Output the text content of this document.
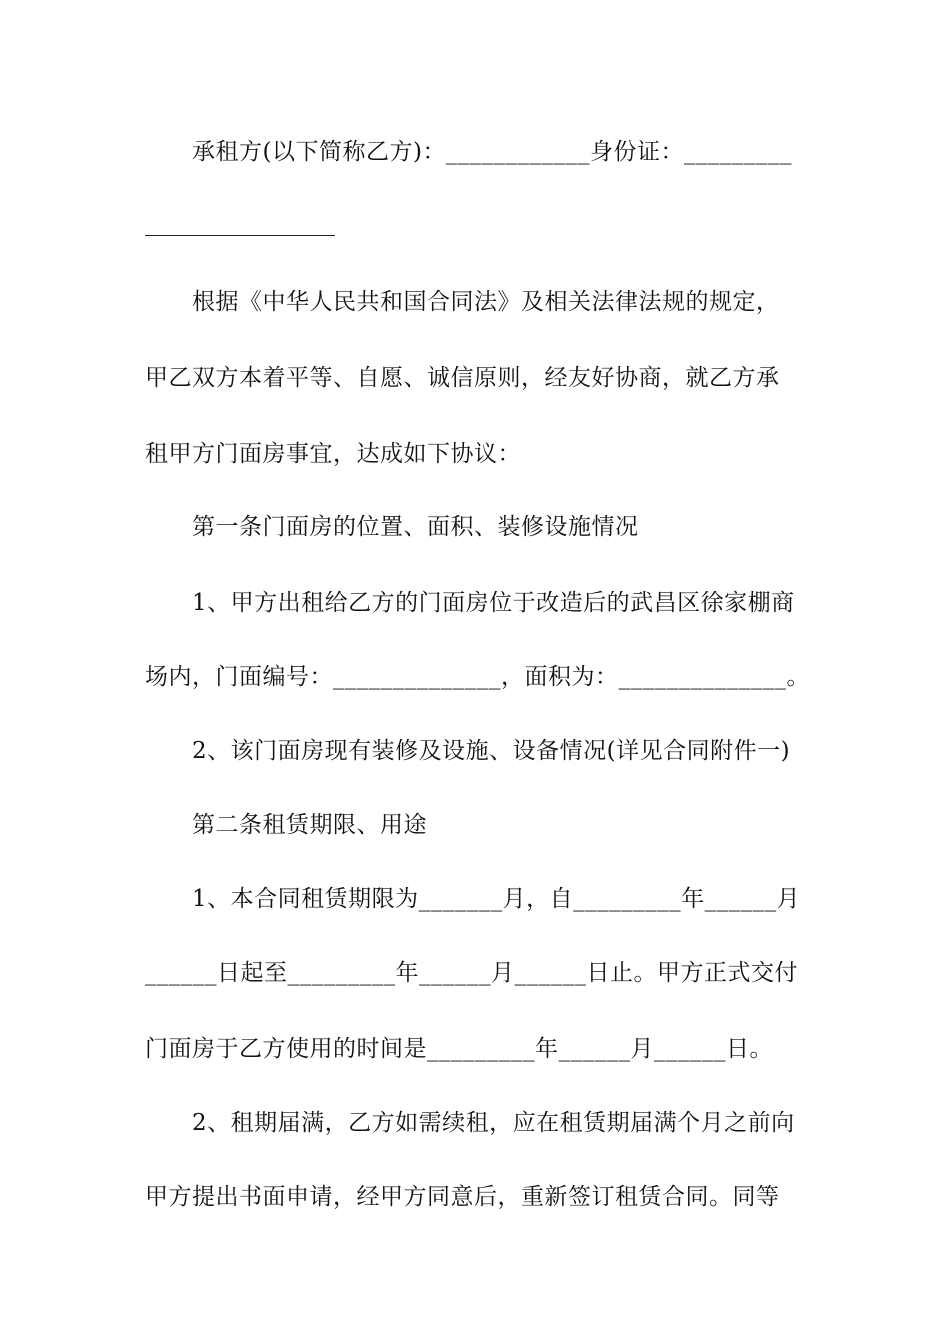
承租方(以下简称乙方)：____________身份证：_________
根据《中华人民共和国合同法》及相关法律法规的规定，
甲乙双方本着平等、自愿、诚信原则，经友好协商，就乙方承
租甲方门面房事宜，达成如下协议：
第一条门面房的位置、面积、装修设施情况
1、甲方出租给乙方的门面房位于改造后的武昌区徐家棚商
场内，门面编号：______________，面积为：______________。
2、该门面房现有装修及设施、设备情况(详见合同附件一)
第二条租赁期限、用途
1、本合同租赁期限为_______月，自_________年______月
______日起至_________年______月______日止。甲方正式交付
门面房于乙方使用的时间是_________年______月______日。
2、租期届满，乙方如需续租，应在租赁期届满个月之前向
甲方提出书面申请，经甲方同意后，重新签订租赁合同。同等
